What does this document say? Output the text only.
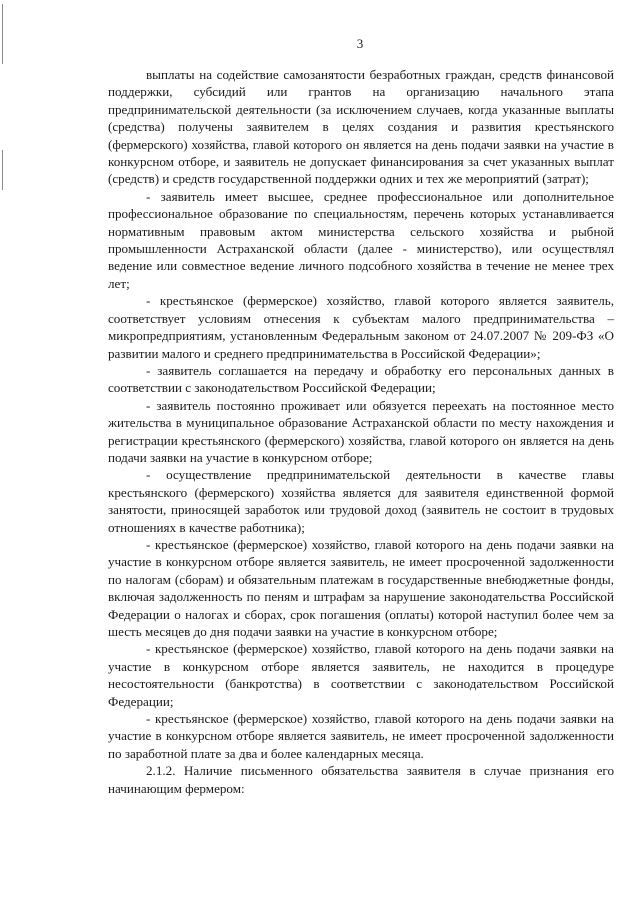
3

выплаты на содействие самозанятости безработных граждан, средств финансовой поддержки, субсидий или грантов на организацию начального этапа предпринимательской деятельности (за исключением случаев, когда указанные выплаты (средства) получены заявителем в целях создания и развития крестьянского (фермерского) хозяйства, главой которого он является на день подачи заявки на участие в конкурсном отборе, и заявитель не допускает финансирования за счет указанных выплат (средств) и средств государственной поддержки одних и тех же мероприятий (затрат);

- заявитель имеет высшее, среднее профессиональное или дополнительное профессиональное образование по специальностям, перечень которых устанавливается нормативным правовым актом министерства сельского хозяйства и рыбной промышленности Астраханской области (далее - министерство), или осуществлял ведение или совместное ведение личного подсобного хозяйства в течение не менее трех лет;

- крестьянское (фермерское) хозяйство, главой которого является заявитель, соответствует условиям отнесения к субъектам малого предпринимательства – микропредприятиям, установленным Федеральным законом от 24.07.2007 № 209-ФЗ «О развитии малого и среднего предпринимательства в Российской Федерации»;

- заявитель соглашается на передачу и обработку его персональных данных в соответствии с законодательством Российской Федерации;

- заявитель постоянно проживает или обязуется переехать на постоянное место жительства в муниципальное образование Астраханской области по месту нахождения и регистрации крестьянского (фермерского) хозяйства, главой которого он является на день подачи заявки на участие в конкурсном отборе;

- осуществление предпринимательской деятельности в качестве главы крестьянского (фермерского) хозяйства является для заявителя единственной формой занятости, приносящей заработок или трудовой доход (заявитель не состоит в трудовых отношениях в качестве работника);

- крестьянское (фермерское) хозяйство, главой которого на день подачи заявки на участие в конкурсном отборе является заявитель, не имеет просроченной задолженности по налогам (сборам) и обязательным платежам в государственные внебюджетные фонды, включая задолженность по пеням и штрафам за нарушение законодательства Российской Федерации о налогах и сборах, срок погашения (оплаты) которой наступил более чем за шесть месяцев до дня подачи заявки на участие в конкурсном отборе;

- крестьянское (фермерское) хозяйство, главой которого на день подачи заявки на участие в конкурсном отборе является заявитель, не находится в процедуре несостоятельности (банкротства) в соответствии с законодательством Российской Федерации;

- крестьянское (фермерское) хозяйство, главой которого на день подачи заявки на участие в конкурсном отборе является заявитель, не имеет просроченной задолженности по заработной плате за два и более календарных месяца.

2.1.2. Наличие письменного обязательства заявителя в случае признания его начинающим фермером:
